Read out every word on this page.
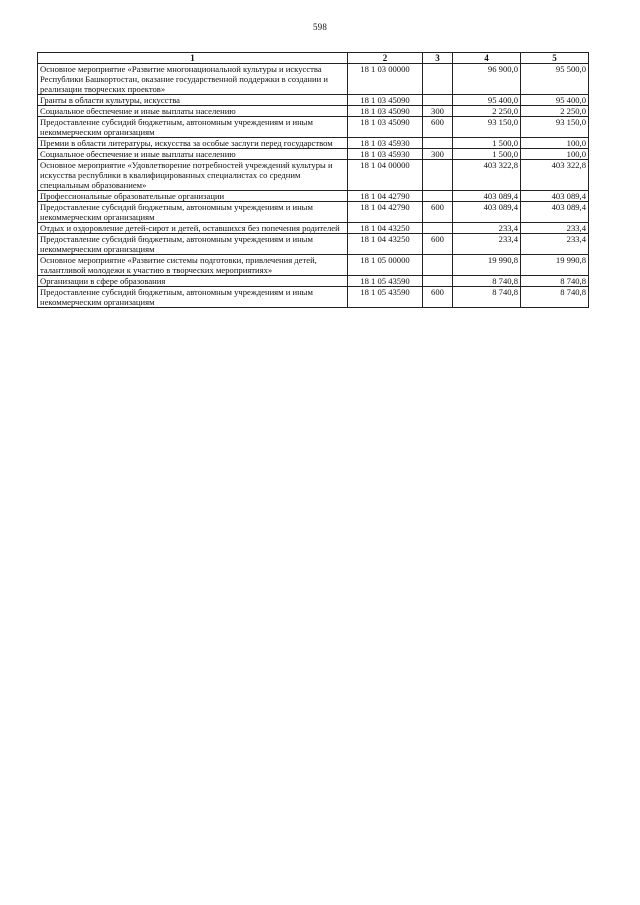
598
1	2	3	4	5
Основное мероприятие «Развитие многонациональной культуры и искусства Республики Башкортостан, оказание государственной поддержки в создании и реализации творческих проектов»	18 1 03 00000		96 900,0	95 500,0
Гранты в области культуры, искусства	18 1 03 45090		95 400,0	95 400,0
Социальное обеспечение и иные выплаты населению	18 1 03 45090	300	2 250,0	2 250,0
Предоставление субсидий бюджетным, автономным учреждениям и иным некоммерческим организациям	18 1 03 45090	600	93 150,0	93 150,0
Премии в области литературы, искусства за особые заслуги перед государством	18 1 03 45930		1 500,0	100,0
Социальное обеспечение и иные выплаты населению	18 1 03 45930	300	1 500,0	100,0
Основное мероприятие «Удовлетворение потребностей учреждений культуры и искусства республики в квалифицированных специалистах со средним специальным образованием»	18 1 04 00000		403 322,8	403 322,8
Профессиональные образовательные организации	18 1 04 42790		403 089,4	403 089,4
Предоставление субсидий бюджетным, автономным учреждениям и иным некоммерческим организациям	18 1 04 42790	600	403 089,4	403 089,4
Отдых и оздоровление детей-сирот и детей, оставшихся без попечения родителей	18 1 04 43250		233,4	233,4
Предоставление субсидий бюджетным, автономным учреждениям и иным некоммерческим организациям	18 1 04 43250	600	233,4	233,4
Основное мероприятие «Развитие системы подготовки, привлечения детей, талантливой молодежи к участию в творческих мероприятиях»	18 1 05 00000		19 990,8	19 990,8
Организации в сфере образования	18 1 05 43590		8 740,8	8 740,8
Предоставление субсидий бюджетным, автономным учреждениям и иным некоммерческим организациям	18 1 05 43590	600	8 740,8	8 740,8
